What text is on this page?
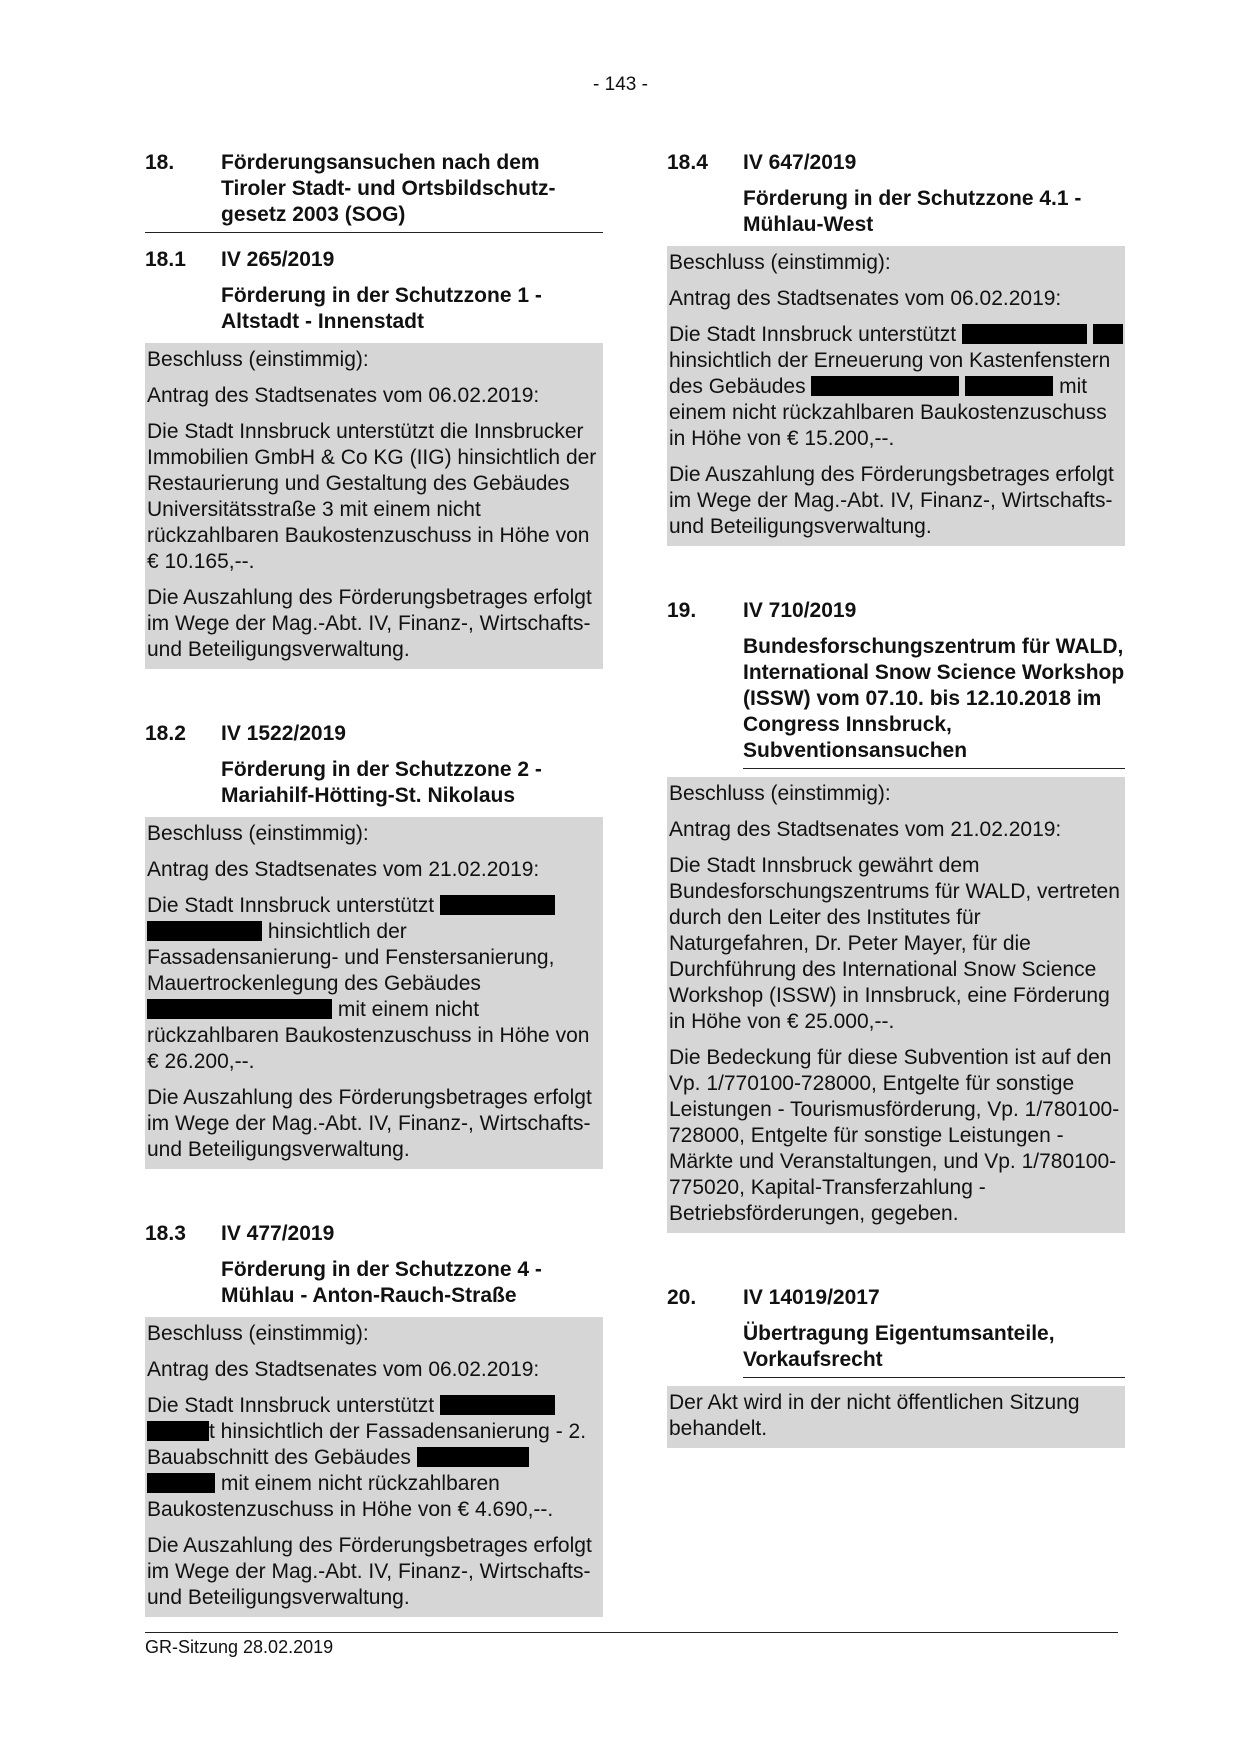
- 143 -
18.	Förderungsansuchen nach dem Tiroler Stadt- und Ortsbildschutzgesetz 2003 (SOG)
18.1	IV 265/2019
Förderung in der Schutzzone 1 - Altstadt - Innenstadt

Beschluss (einstimmig):

Antrag des Stadtsenates vom 06.02.2019:

Die Stadt Innsbruck unterstützt die Innsbrucker Immobilien GmbH & Co KG (IIG) hinsichtlich der Restaurierung und Gestaltung des Gebäudes Universitätsstraße 3 mit einem nicht rückzahlbaren Baukostenzuschuss in Höhe von € 10.165,--.

Die Auszahlung des Förderungsbetrages erfolgt im Wege der Mag.-Abt. IV, Finanz-, Wirtschafts- und Beteiligungsverwaltung.

18.2	IV 1522/2019
Förderung in der Schutzzone 2 - Mariahilf-Hötting-St. Nikolaus

Beschluss (einstimmig):

Antrag des Stadtsenates vom 21.02.2019:

Die Stadt Innsbruck unterstützt   hinsichtlich der Fassadensanierung- und Fenstersanierung, Mauertrockenlegung des Gebäudes  mit einem nicht rückzahlbaren Baukostenzuschuss in Höhe von € 26.200,--.

Die Auszahlung des Förderungsbetrages erfolgt im Wege der Mag.-Abt. IV, Finanz-, Wirtschafts- und Beteiligungsverwaltung.

18.3	IV 477/2019
Förderung in der Schutzzone 4 - Mühlau - Anton-Rauch-Straße

Beschluss (einstimmig):

Antrag des Stadtsenates vom 06.02.2019:

Die Stadt Innsbruck unterstützt  t hinsichtlich der Fassadensanierung - 2. Bauabschnitt des Gebäudes   mit einem nicht rückzahlbaren Baukostenzuschuss in Höhe von € 4.690,--.

Die Auszahlung des Förderungsbetrages erfolgt im Wege der Mag.-Abt. IV, Finanz-, Wirtschafts- und Beteiligungsverwaltung.

18.4	IV 647/2019
Förderung in der Schutzzone 4.1 - Mühlau-West

Beschluss (einstimmig):

Antrag des Stadtsenates vom 06.02.2019:

Die Stadt Innsbruck unterstützt   hinsichtlich der Erneuerung von Kastenfenstern des Gebäudes	mit einem nicht rückzahlbaren Baukostenzuschuss in Höhe von € 15.200,--.

Die Auszahlung des Förderungsbetrages erfolgt im Wege der Mag.-Abt. IV, Finanz-, Wirtschafts- und Beteiligungsverwaltung.

19.	IV 710/2019
Bundesforschungszentrum für WALD, International Snow Science Workshop (ISSW) vom 07.10. bis 12.10.2018 im Congress Innsbruck, Subventionsansuchen

Beschluss (einstimmig):

Antrag des Stadtsenates vom 21.02.2019:

Die Stadt Innsbruck gewährt dem Bundesforschungszentrums für WALD, vertreten durch den Leiter des Institutes für Naturgefahren, Dr. Peter Mayer, für die Durchführung des International Snow Science Workshop (ISSW) in Innsbruck, eine Förderung in Höhe von € 25.000,--.

Die Bedeckung für diese Subvention ist auf den Vp. 1/770100-728000, Entgelte für sonstige Leistungen - Tourismusförderung, Vp. 1/780100-728000, Entgelte für sonstige Leistungen - Märkte und Veranstaltungen, und Vp. 1/780100-775020, Kapital-Transferzahlung - Betriebsförderungen, gegeben.

20.	IV 14019/2017
Übertragung Eigentumsanteile, Vorkaufsrecht

Der Akt wird in der nicht öffentlichen Sitzung behandelt.

GR-Sitzung 28.02.2019
